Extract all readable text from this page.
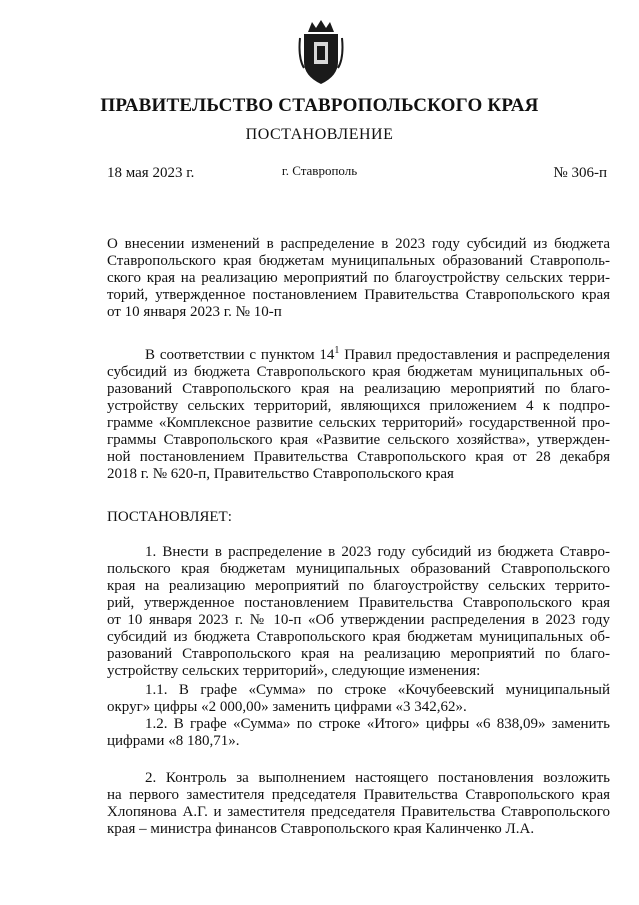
ПРАВИТЕЛЬСТВО СТАВРОПОЛЬСКОГО КРАЯ
ПОСТАНОВЛЕНИЕ
18 мая 2023 г.	г. Ставрополь	№ 306-п
О внесении изменений в распределение в 2023 году субсидий из бюджета
Ставропольского края бюджетам муниципальных образований Ставрополь-
ского края на реализацию мероприятий по благоустройству сельских терри-
торий, утвержденное постановлением Правительства Ставропольского края
от 10 января 2023 г. № 10-п
В соответствии с пунктом $14^1$ Правил предоставления и распределения
субсидий из бюджета Ставропольского края бюджетам муниципальных об-
разований Ставропольского края на реализацию мероприятий по благо-
устройству сельских территорий, являющихся приложением 4 к подпро-
грамме «Комплексное развитие сельских территорий» государственной про-
граммы Ставропольского края «Развитие сельского хозяйства», утвержден-
ной постановлением Правительства Ставропольского края от 28 декабря
2018 г. № 620-п, Правительство Ставропольского края
ПОСТАНОВЛЯЕТ:
1. Внести в распределение в 2023 году субсидий из бюджета Ставро-
польского края бюджетам муниципальных образований Ставропольского
края на реализацию мероприятий по благоустройству сельских террито-
рий, утвержденное постановлением Правительства Ставропольского края
от 10 января 2023 г. № 10-п «Об утверждении распределения в 2023 году
субсидий из бюджета Ставропольского края бюджетам муниципальных об-
разований Ставропольского края на реализацию мероприятий по благо-
устройству сельских территорий», следующие изменения:
1.1. В графе «Сумма» по строке «Кочубеевский муниципальный
округ» цифры «2 000,00» заменить цифрами «3 342,62».
1.2. В графе «Сумма» по строке «Итого» цифры «6 838,09» заменить
цифрами «8 180,71».
2. Контроль за выполнением настоящего постановления возложить
на первого заместителя председателя Правительства Ставропольского края
Хлопянова А.Г. и заместителя председателя Правительства Ставропольского
края – министра финансов Ставропольского края Калинченко Л.А.
